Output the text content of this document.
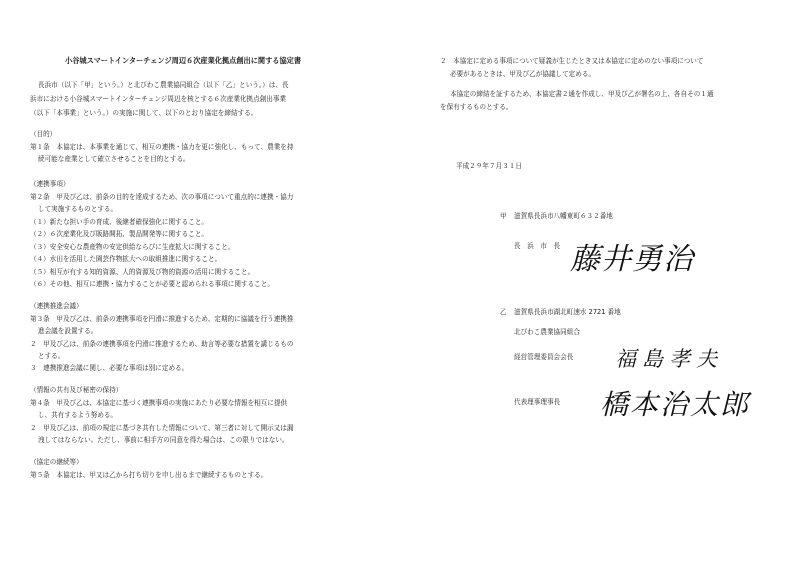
小谷城スマートインターチェンジ周辺６次産業化拠点創出に関する協定書
長浜市（以下「甲」という。）と北びわこ農業協同組合（以下「乙」という。）は、長
浜市における小谷城スマートインターチェンジ周辺を核とする６次産業化拠点創出事業
（以下「本事業」という。）の実施に関して、以下のとおり協定を締結する。
（目的）
第１条　本協定は、本事業を通じて、相互の連携・協力を更に強化し、もって、農業を持
続可能な産業として確立させることを目的とする。
（連携事項）
第２条　甲及び乙は、前条の目的を達成するため、次の事項について重点的に連携・協力
して実施するものとする。
（１）新たな担い手の育成、後継者確保強化に関すること。
（２）６次産業化及び販路開拓、製品開発等に関すること。
（３）安全安心な農産物の安定供給ならびに生産拡大に関すること。
（４）水田を活用した園芸作物拡大への取組推進に関すること。
（５）相互が有する知的資源、人的資源及び物的資源の活用に関すること。
（６）その他、相互に連携・協力することが必要と認められる事項に関すること。
（連携推進会議）
第３条　甲及び乙は、前条の連携事項を円滑に推進するため、定期的に協議を行う連携推
進会議を設置する。
２　甲及び乙は、前条の連携事項を円滑に推進するため、助言等必要な措置を講じるもの
とする。
３　連携推進会議に関し、必要な事項は別に定める。
（情報の共有及び秘密の保持）
第４条　甲及び乙は、本協定に基づく連携事項の実施にあたり必要な情報を相互に提供
し、共有するよう努める。
２　甲及び乙は、前項の規定に基づき共有した情報について、第三者に対して開示又は漏
洩してはならない。ただし、事前に相手方の同意を得た場合は、この限りではない。
（協定の継続等）
第５条　本協定は、甲又は乙から打ち切りを申し出るまで継続するものとする。
２　本協定に定める事項について疑義が生じたとき又は本協定に定めのない事項について
必要があるときは、甲及び乙が協議して定める。
本協定の締結を証するため、本協定書２通を作成し、甲及び乙が署名の上、各自その１通
を保有するものとする。
平成２９年７月３１日
甲 滋賀県長浜市八幡東町６３２番地
長　浜　市　長 藤井勇治
乙 滋賀県長浜市湖北町速水 2721 番地
北びわこ農業協同組合
経営管理委員会会長 福島孝夫
代表理事理事長 橋本治太郎
